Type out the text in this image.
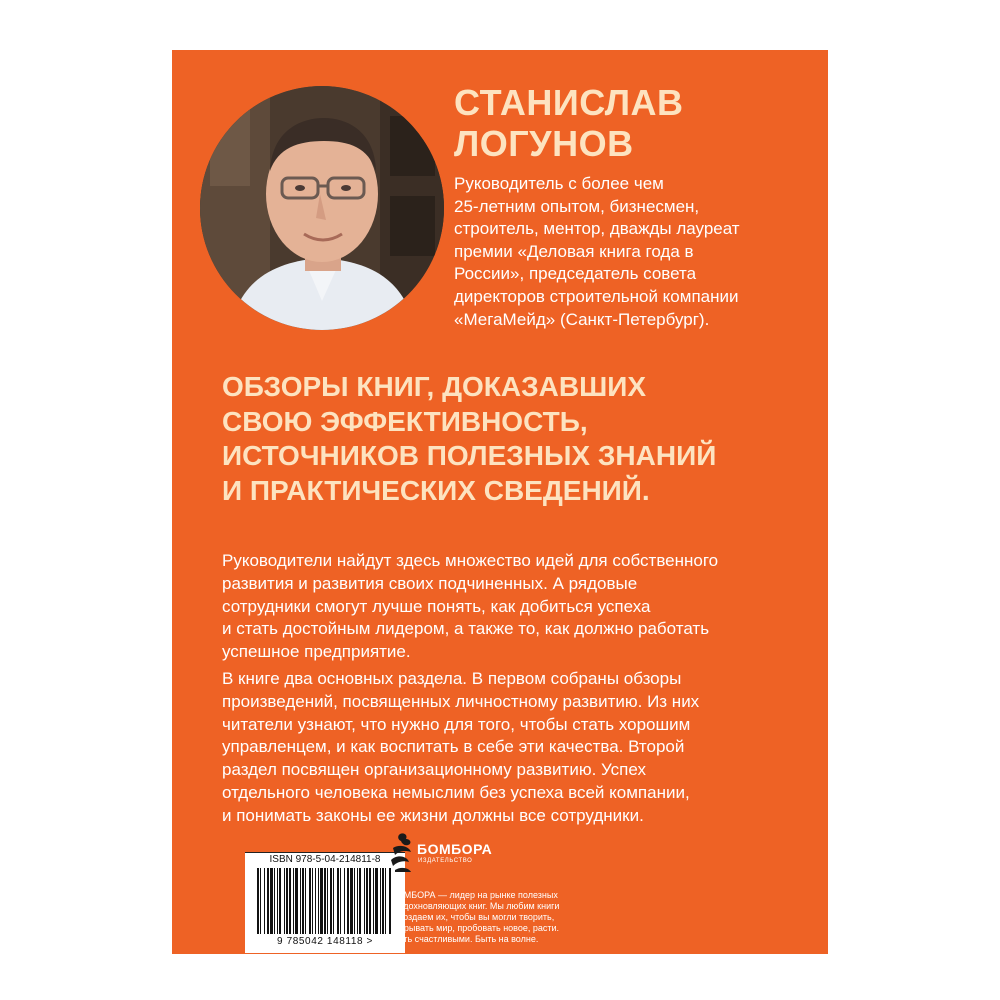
СТАНИСЛАВ
ЛОГУНОВ
Руководитель с более чем
25-летним опытом, бизнесмен,
строитель, ментор, дважды лауреат
премии «Деловая книга года в
России», председатель совета
директоров строительной компании
«МегаМейд» (Санкт-Петербург).
ОБЗОРЫ КНИГ, ДОКАЗАВШИХ
СВОЮ ЭФФЕКТИВНОСТЬ,
ИСТОЧНИКОВ ПОЛЕЗНЫХ ЗНАНИЙ
И ПРАКТИЧЕСКИХ СВЕДЕНИЙ.
Руководители найдут здесь множество идей для собственного
развития и развития своих подчиненных. А рядовые
сотрудники смогут лучше понять, как добиться успеха
и стать достойным лидером, а также то, как должно работать
успешное предприятие.
В книге два основных раздела. В первом собраны обзоры
произведений, посвященных личностному развитию. Из них
читатели узнают, что нужно для того, чтобы стать хорошим
управленцем, и как воспитать в себе эти качества. Второй
раздел посвящен организационному развитию. Успех
отдельного человека немыслим без успеха всей компании,
и понимать законы ее жизни должны все сотрудники.
ISBN 978-5-04-214811-8
9 785042 148118 >
БОМБОРА
ИЗДАТЕЛЬСТВО
БОМБОРА — лидер на рынке полезных
и вдохновляющих книг. Мы любим книги
и создаем их, чтобы вы могли творить,
открывать мир, пробовать новое, расти.
Быть счастливыми. Быть на волне.
